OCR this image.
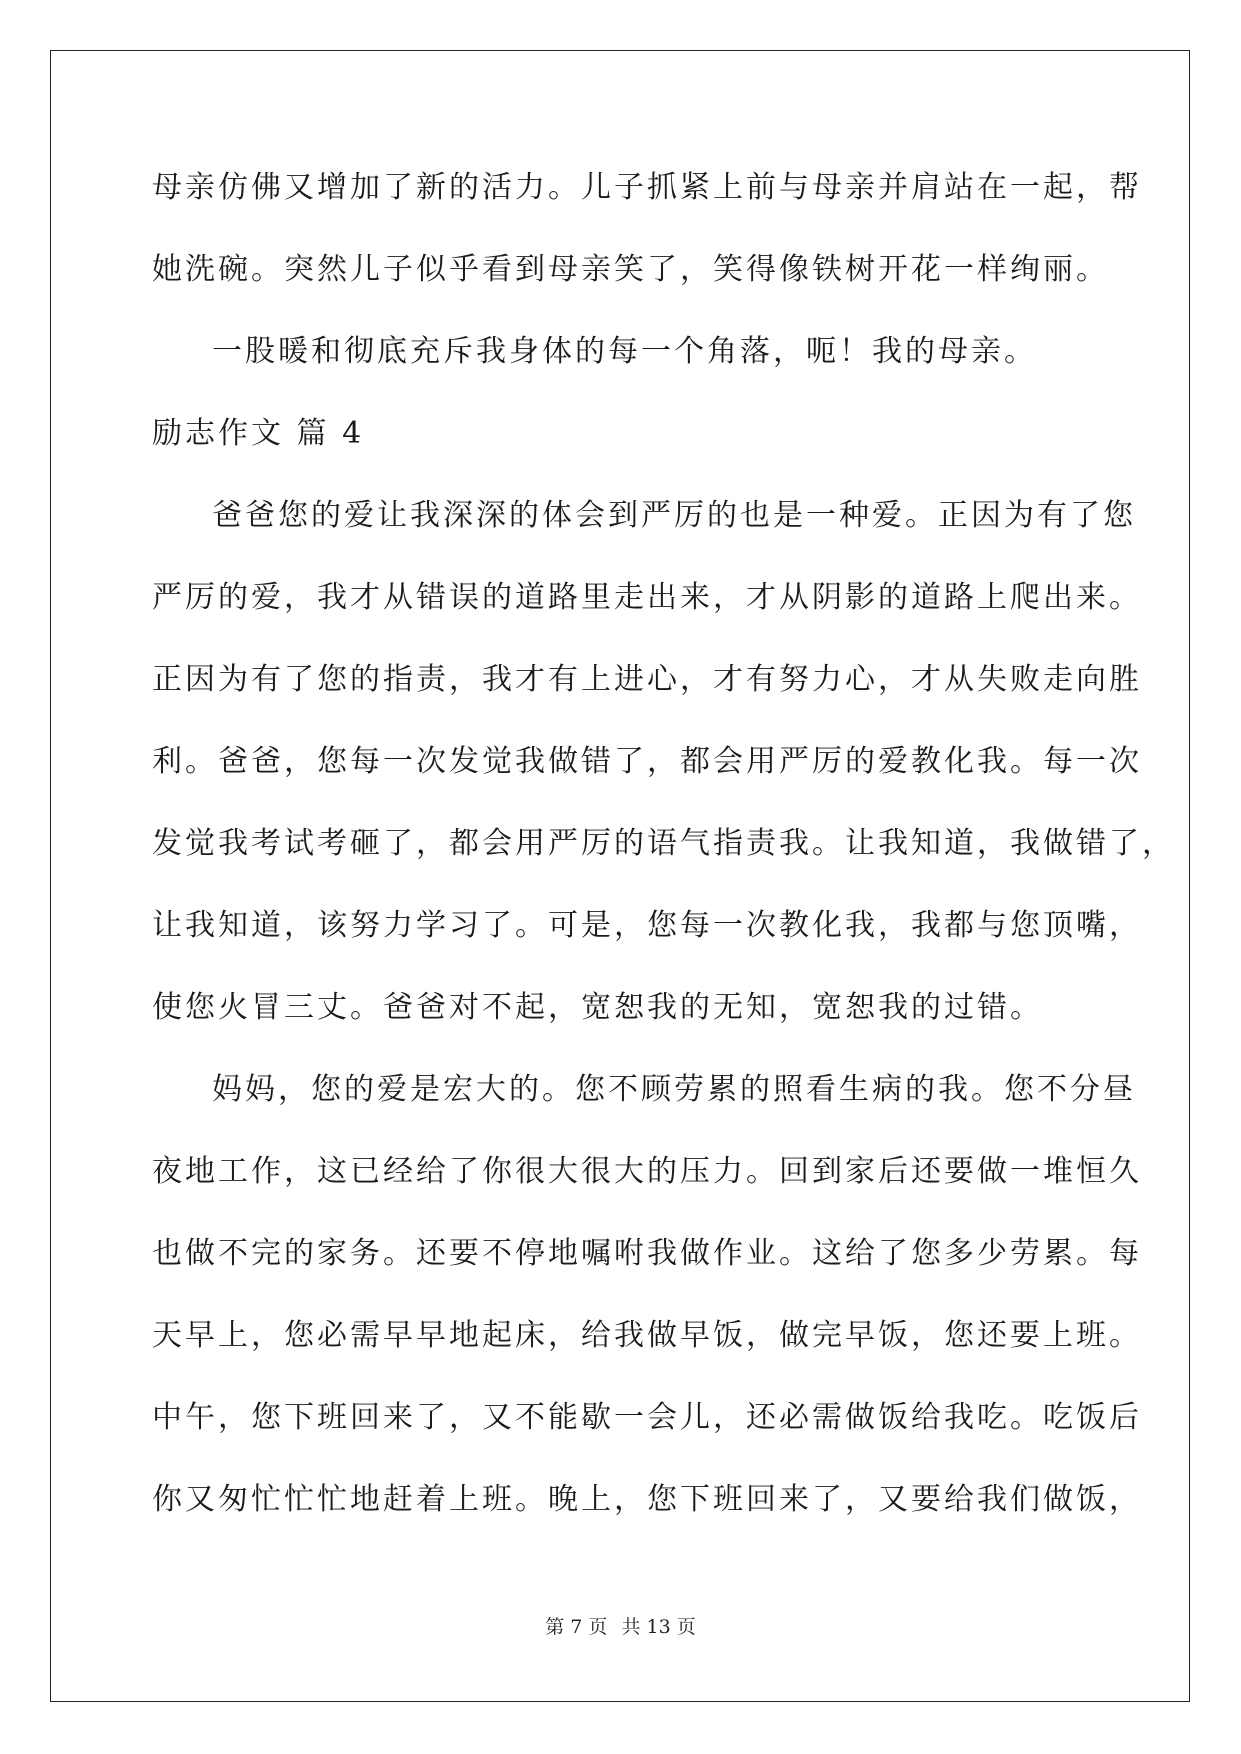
母亲仿佛又增加了新的活力。儿子抓紧上前与母亲并肩站在一起，帮
她洗碗。突然儿子似乎看到母亲笑了，笑得像铁树开花一样绚丽。
一股暖和彻底充斥我身体的每一个角落，呃！我的母亲。
励志作文 篇 4
爸爸您的爱让我深深的体会到严厉的也是一种爱。正因为有了您
严厉的爱，我才从错误的道路里走出来，才从阴影的道路上爬出来。
正因为有了您的指责，我才有上进心，才有努力心，才从失败走向胜
利。爸爸，您每一次发觉我做错了，都会用严厉的爱教化我。每一次
发觉我考试考砸了，都会用严厉的语气指责我。让我知道，我做错了，
让我知道，该努力学习了。可是，您每一次教化我，我都与您顶嘴，
使您火冒三丈。爸爸对不起，宽恕我的无知，宽恕我的过错。
妈妈，您的爱是宏大的。您不顾劳累的照看生病的我。您不分昼
夜地工作，这已经给了你很大很大的压力。回到家后还要做一堆恒久
也做不完的家务。还要不停地嘱咐我做作业。这给了您多少劳累。每
天早上，您必需早早地起床，给我做早饭，做完早饭，您还要上班。
中午，您下班回来了，又不能歇一会儿，还必需做饭给我吃。吃饭后
你又匆忙忙忙地赶着上班。晚上，您下班回来了，又要给我们做饭，
第 7 页 共 13 页
